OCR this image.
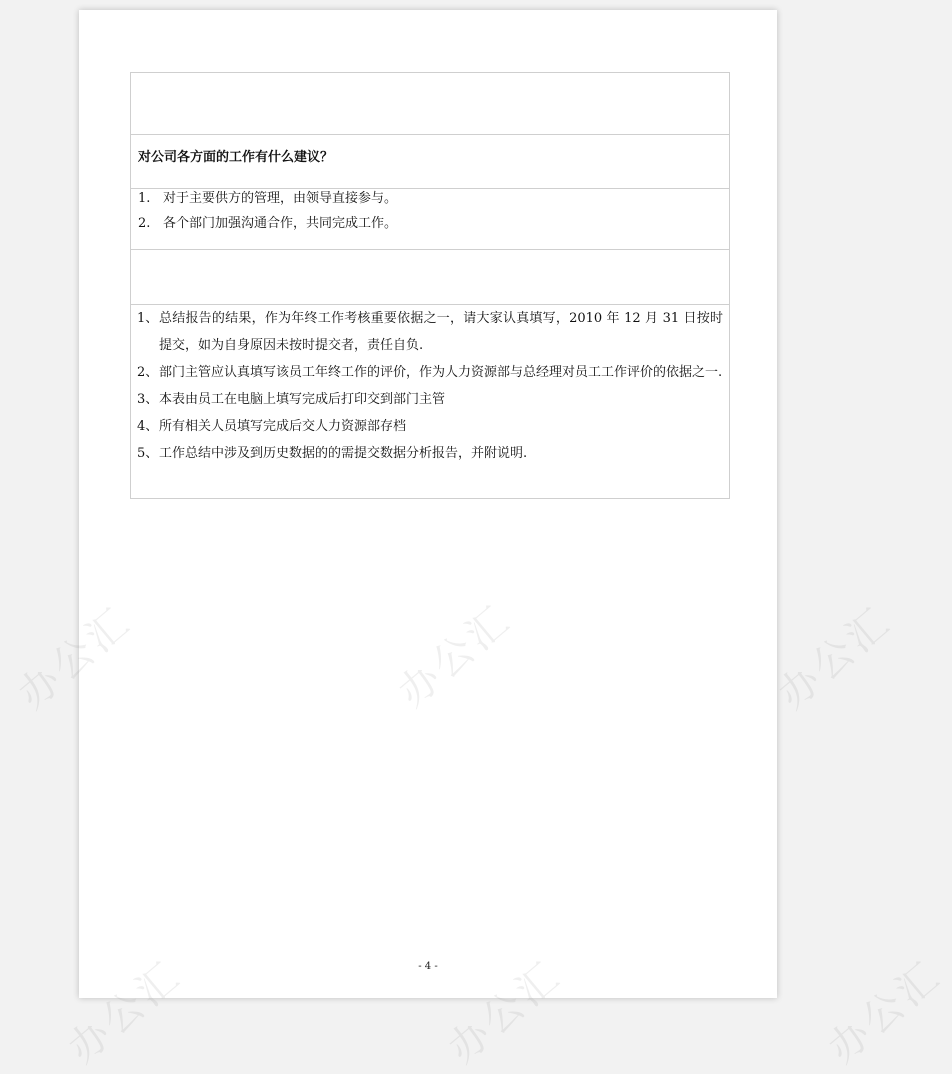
对公司各方面的工作有什么建议？

1. 对于主要供方的管理，由领导直接参与。
2. 各个部门加强沟通合作，共同完成工作。

1、 总结报告的结果，作为年终工作考核重要依据之一，请大家认真填写，2010 年 12 月 31 日按时提交，如为自身原因未按时提交者，责任自负.
2、 部门主管应认真填写该员工年终工作的评价，作为人力资源部与总经理对员工工作评价的依据之一.
3、 本表由员工在电脑上填写完成后打印交到部门主管
4、 所有相关人员填写完成后交人力资源部存档
5、 工作总结中涉及到历史数据的的需提交数据分析报告，并附说明.
- 4 -
办公汇	办公汇
办公汇	办公汇	办公汇
